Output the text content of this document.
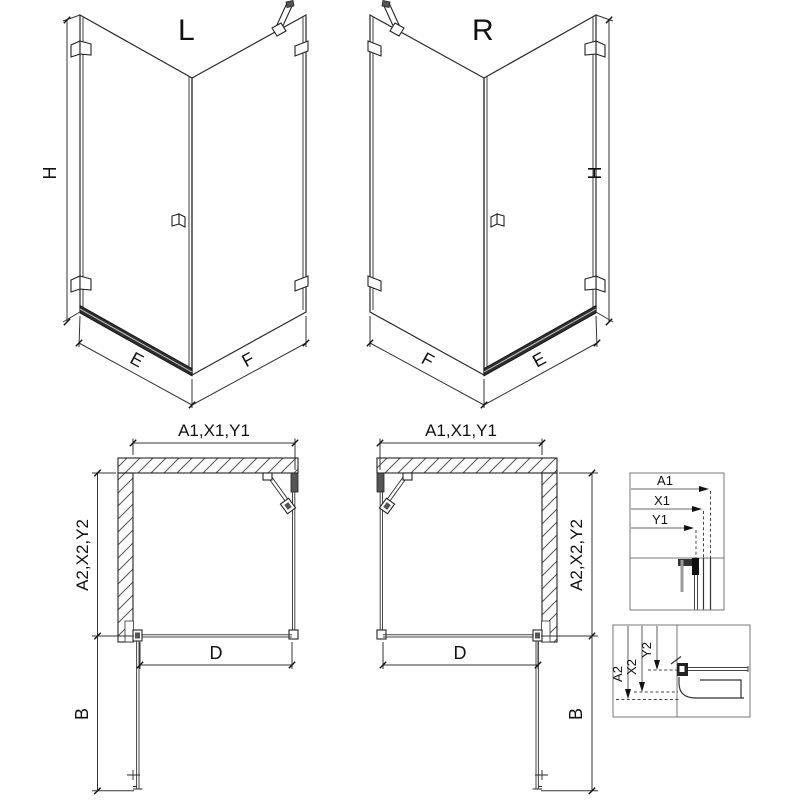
L
H
E	F
R
H
F	E
A1,X1,Y1
A2,X2,Y2
B
D
A1,X1,Y1
A2,X2,Y2
B
D
A1
X1
Y1
A2 X2
Y2
